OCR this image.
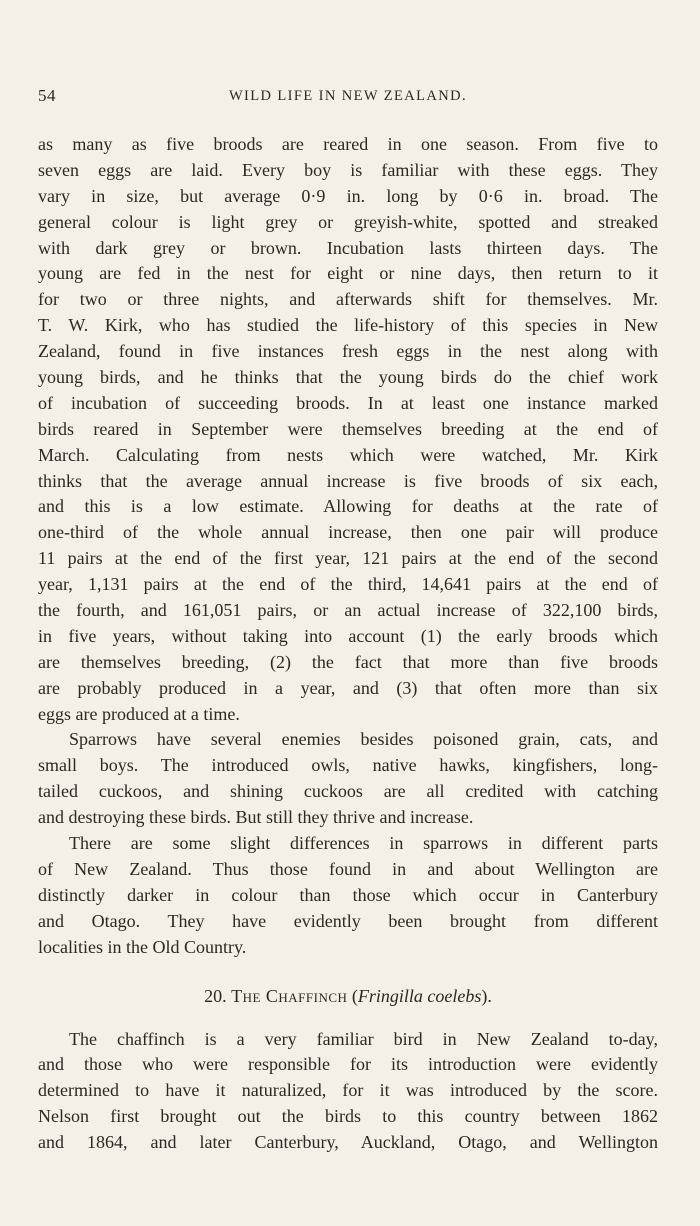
54	WILD LIFE IN NEW ZEALAND.
as many as five broods are reared in one season. From five to
seven eggs are laid. Every boy is familiar with these eggs. They
vary in size, but average 0·9 in. long by 0·6 in. broad. The
general colour is light grey or greyish-white, spotted and streaked
with dark grey or brown. Incubation lasts thirteen days. The
young are fed in the nest for eight or nine days, then return to it
for two or three nights, and afterwards shift for themselves. Mr.
T. W. Kirk, who has studied the life-history of this species in New
Zealand, found in five instances fresh eggs in the nest along with
young birds, and he thinks that the young birds do the chief work
of incubation of succeeding broods. In at least one instance marked
birds reared in September were themselves breeding at the end of
March. Calculating from nests which were watched, Mr. Kirk
thinks that the average annual increase is five broods of six each,
and this is a low estimate. Allowing for deaths at the rate of
one-third of the whole annual increase, then one pair will produce
11 pairs at the end of the first year, 121 pairs at the end of the second
year, 1,131 pairs at the end of the third, 14,641 pairs at the end of
the fourth, and 161,051 pairs, or an actual increase of 322,100 birds,
in five years, without taking into account (1) the early broods which
are themselves breeding, (2) the fact that more than five broods
are probably produced in a year, and (3) that often more than six
eggs are produced at a time.
Sparrows have several enemies besides poisoned grain, cats, and
small boys. The introduced owls, native hawks, kingfishers, long-
tailed cuckoos, and shining cuckoos are all credited with catching
and destroying these birds. But still they thrive and increase.
There are some slight differences in sparrows in different parts
of New Zealand. Thus those found in and about Wellington are
distinctly darker in colour than those which occur in Canterbury
and Otago. They have evidently been brought from different
localities in the Old Country.
20. The Chaffinch (Fringilla coelebs).
The chaffinch is a very familiar bird in New Zealand to-day,
and those who were responsible for its introduction were evidently
determined to have it naturalized, for it was introduced by the score.
Nelson first brought out the birds to this country between 1862
and 1864, and later Canterbury, Auckland, Otago, and Wellington
